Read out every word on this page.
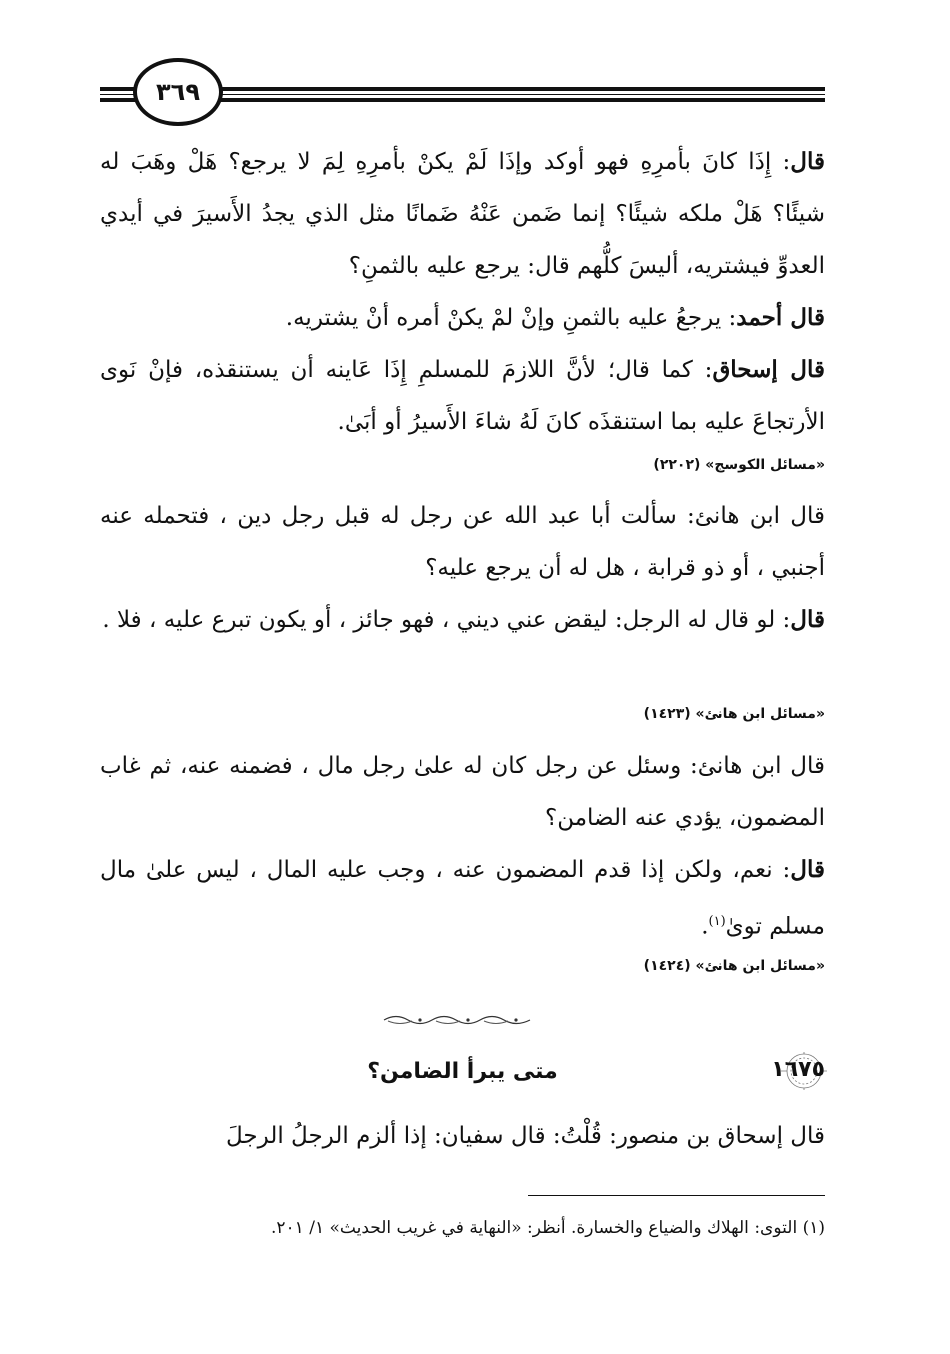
٣٦٩

قال: إِذَا كانَ بأمرِهِ فهو أوكد وإذَا لَمْ يكنْ بأمرِهِ لِمَ لا يرجع؟ هَلْ وهَبَ له شيئًا؟ هَلْ ملكه شيئًا؟ إنما ضَمن عَنْهُ ضَمانًا مثل الذي يجدُ الأَسيرَ في أيدي العدوِّ فيشتريه، أليسَ كلُّهم قال: يرجع عليه بالثمنِ؟

قال أحمد: يرجعُ عليه بالثمنِ وإنْ لمْ يكنْ أمره أنْ يشتريه.

قال إسحاق: كما قال؛ لأنَّ اللازمَ للمسلمِ إِذَا عَاينه أن يستنقذه، فإنْ نَوى الأرتجاعَ عليه بما استنقذَه كانَ لَهُ شاءَ الأَسيرُ أو أبَىٰ.

«مسائل الكوسج» (٢٢٠٢)

قال ابن هانئ: سألت أبا عبد الله عن رجل له قبل رجل دين ، فتحمله عنه أجنبي ، أو ذو قرابة ، هل له أن يرجع عليه؟

قال: لو قال له الرجل: ليقض عني ديني ، فهو جائز ، أو يكون تبرع عليه ، فلا .

«مسائل ابن هانئ» (١٤٢٣)

قال ابن هانئ: وسئل عن رجل كان له علىٰ رجل مال ، فضمنه عنه، ثم غاب المضمون، يؤدي عنه الضامن؟

قال: نعم، ولكن إذا قدم المضمون عنه ، وجب عليه المال ، ليس علىٰ مال مسلم توىٰ$^{(١)}$.

«مسائل ابن هانئ» (١٤٢٤)
١٦٧٥
متى يبرأ الضامن؟

قال إسحاق بن منصور: قُلْتُ: قال سفيان: إذا ألزم الرجلُ الرجلَ

(١) التوى: الهلاك والضياع والخسارة. أنظر: «النهاية في غريب الحديث» ١/ ٢٠١.
